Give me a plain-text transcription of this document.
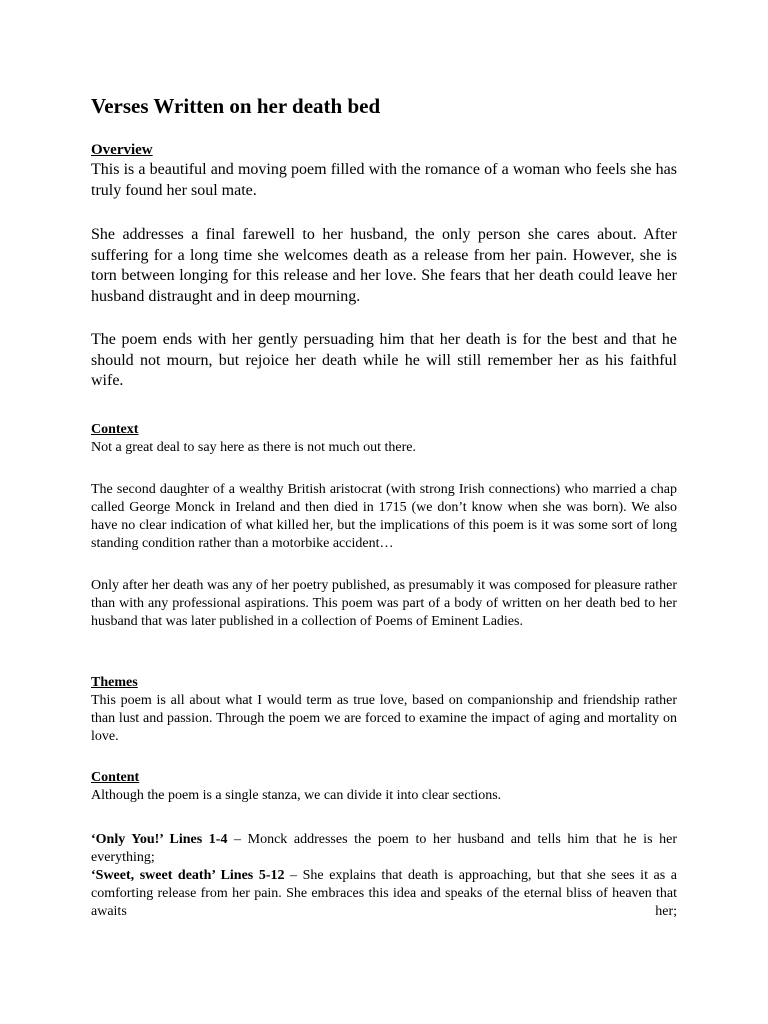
Verses Written on her death bed
Overview

This is a beautiful and moving poem filled with the romance of a woman who feels she has truly found her soul mate.

She addresses a final farewell to her husband, the only person she cares about. After suffering for a long time she welcomes death as a release from her pain. However, she is torn between longing for this release and her love. She fears that her death could leave her husband distraught and in deep mourning.

The poem ends with her gently persuading him that her death is for the best and that he should not mourn, but rejoice her death while he will still remember her as his faithful wife.

Context

Not a great deal to say here as there is not much out there.

The second daughter of a wealthy British aristocrat (with strong Irish connections) who married a chap called George Monck in Ireland and then died in 1715 (we don’t know when she was born). We also have no clear indication of what killed her, but the implications of this poem is it was some sort of long standing condition rather than a motorbike accident…

Only after her death was any of her poetry published, as presumably it was composed for pleasure rather than with any professional aspirations. This poem was part of a body of written on her death bed to her husband that was later published in a collection of Poems of Eminent Ladies.

Themes

This poem is all about what I would term as true love, based on companionship and friendship rather than lust and passion. Through the poem we are forced to examine the impact of aging and mortality on love.

Content

Although the poem is a single stanza, we can divide it into clear sections.

‘Only You!’ Lines 1-4 – Monck addresses the poem to her husband and tells him that he is her everything;

‘Sweet, sweet death’ Lines 5-12 – She explains that death is approaching, but that she sees it as a comforting release from her pain. She embraces this idea and speaks of the eternal bliss of heaven that awaits her;
